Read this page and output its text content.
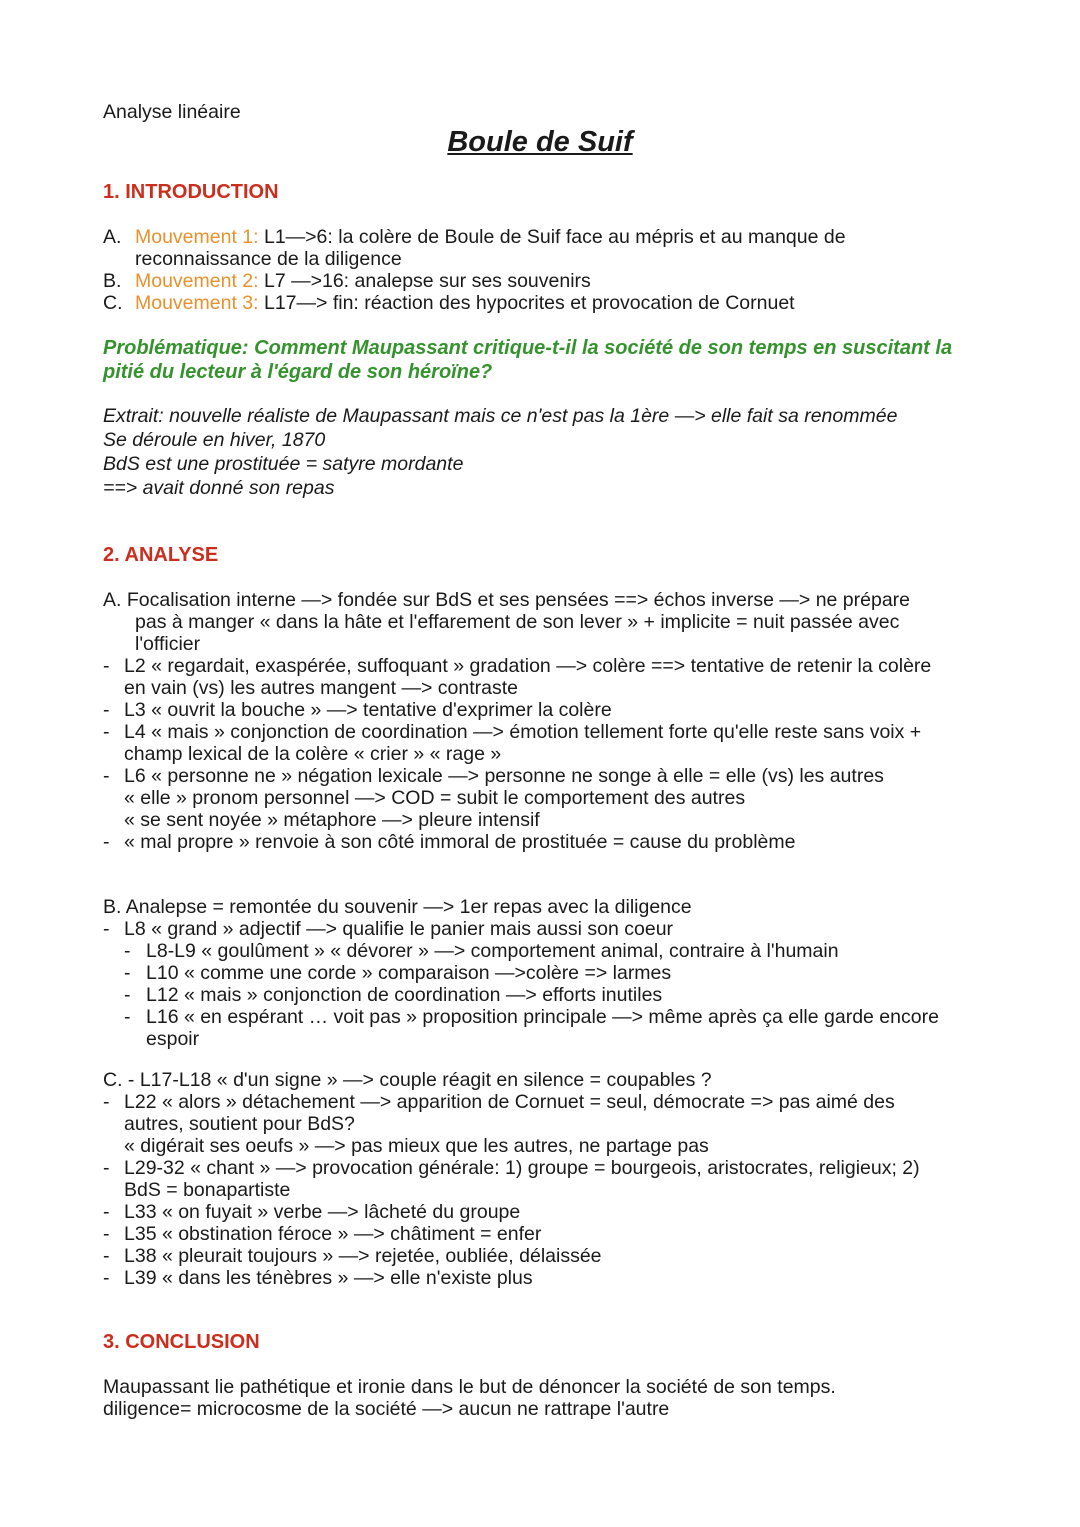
Analyse linéaire
Boule de Suif
1. INTRODUCTION
A. Mouvement 1: L1—>6: la colère de Boule de Suif face au mépris et au manque de
reconnaissance de la diligence
B. Mouvement 2: L7 —>16: analepse sur ses souvenirs
C. Mouvement 3: L17—> fin: réaction des hypocrites et provocation de Cornuet
Problématique: Comment Maupassant critique-t-il la société de son temps en suscitant la
pitié du lecteur à l'égard de son héroïne?
Extrait: nouvelle réaliste de Maupassant mais ce n'est pas la 1ère —> elle fait sa renommée
Se déroule en hiver, 1870
BdS est une prostituée = satyre mordante
==> avait donné son repas
2. ANALYSE
A. Focalisation interne —> fondée sur BdS et ses pensées ==> échos inverse —> ne prépare
pas à manger « dans la hâte et l'effarement de son lever » + implicite = nuit passée avec
l'officier
- L2 « regardait, exaspérée, suffoquant » gradation —> colère ==> tentative de retenir la colère
en vain (vs) les autres mangent —> contraste
- L3 « ouvrit la bouche » —> tentative d'exprimer la colère
- L4 « mais » conjonction de coordination —> émotion tellement forte qu'elle reste sans voix +
champ lexical de la colère « crier » « rage »
- L6 « personne ne » négation lexicale —> personne ne songe à elle = elle (vs) les autres
« elle » pronom personnel —> COD = subit le comportement des autres
« se sent noyée » métaphore —> pleure intensif
- « mal propre » renvoie à son côté immoral de prostituée = cause du problème
B. Analepse = remontée du souvenir —> 1er repas avec la diligence
- L8 « grand » adjectif —> qualifie le panier mais aussi son coeur
- L8-L9 « goulûment » « dévorer » —> comportement animal, contraire à l'humain
- L10 « comme une corde » comparaison —>colère => larmes
- L12 « mais » conjonction de coordination —> efforts inutiles
- L16 « en espérant … voit pas » proposition principale —> même après ça elle garde encore
espoir
C. - L17-L18 « d'un signe » —> couple réagit en silence = coupables ?
- L22 « alors » détachement —> apparition de Cornuet = seul, démocrate => pas aimé des
autres, soutient pour BdS?
« digérait ses oeufs » —> pas mieux que les autres, ne partage pas
- L29-32 « chant » —> provocation générale: 1) groupe = bourgeois, aristocrates, religieux; 2)
BdS = bonapartiste
- L33 « on fuyait » verbe —> lâcheté du groupe
- L35 « obstination féroce » —> châtiment = enfer
- L38 « pleurait toujours » —> rejetée, oubliée, délaissée
- L39 « dans les ténèbres » —> elle n'existe plus
3. CONCLUSION
Maupassant lie pathétique et ironie dans le but de dénoncer la société de son temps.
diligence= microcosme de la société —> aucun ne rattrape l'autre
